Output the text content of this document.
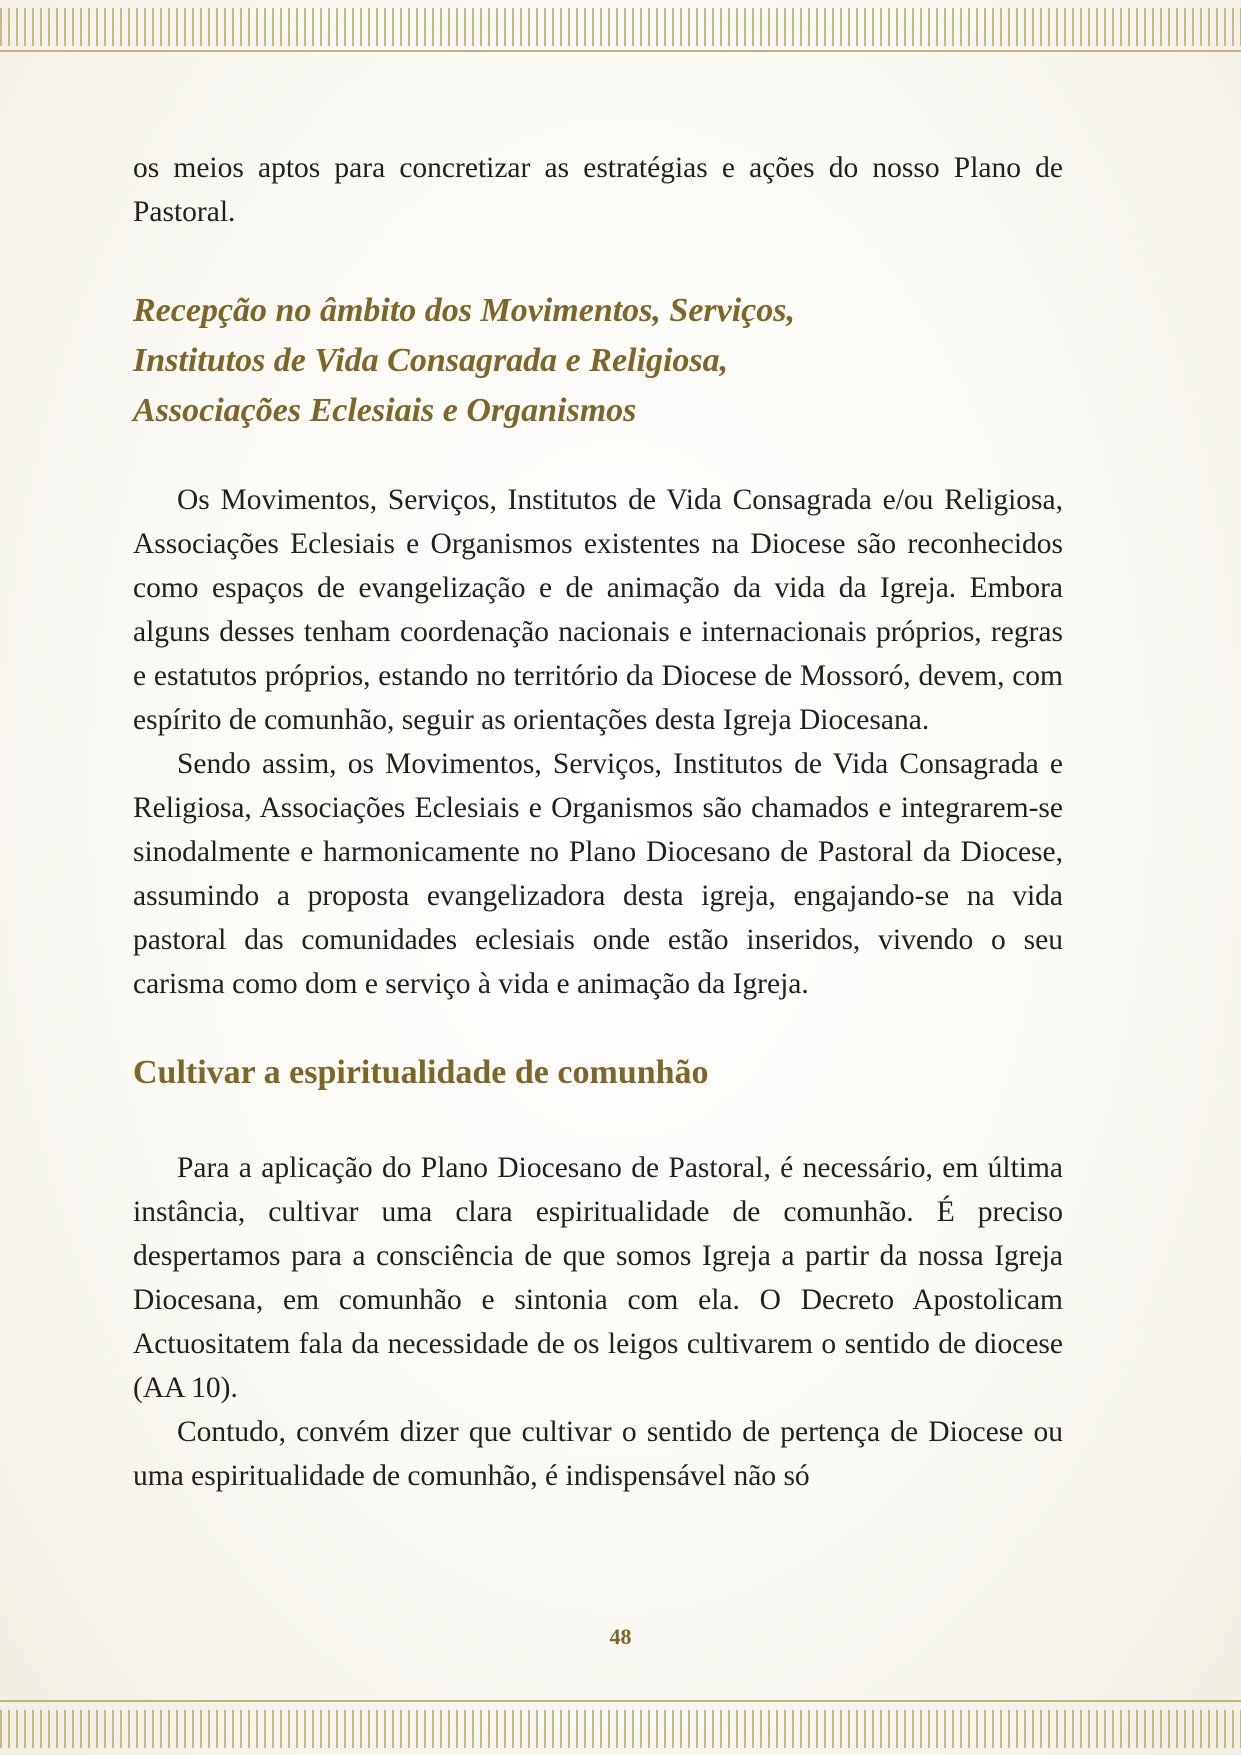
os meios aptos para concretizar as estratégias e ações do nosso Plano de Pastoral.

Recepção no âmbito dos Movimentos, Serviços,

Institutos de Vida Consagrada e Religiosa,

Associações Eclesiais e Organismos

Os Movimentos, Serviços, Institutos de Vida Consagrada e/ou Religiosa, Associações Eclesiais e Organismos existentes na Diocese são reconhecidos como espaços de evangelização e de animação da vida da Igreja. Embora alguns desses tenham coordenação nacionais e internacionais próprios, regras e estatutos próprios, estando no território da Diocese de Mossoró, devem, com espírito de comunhão, seguir as orientações desta Igreja Diocesana.

Sendo assim, os Movimentos, Serviços, Institutos de Vida Consagrada e Religiosa, Associações Eclesiais e Organismos são chamados e integrarem-se sinodalmente e harmonicamente no Plano Diocesano de Pastoral da Diocese, assumindo a proposta evangelizadora desta igreja, engajando-se na vida pastoral das comunidades eclesiais onde estão inseridos, vivendo o seu carisma como dom e serviço à vida e animação da Igreja.

Cultivar a espiritualidade de comunhão

Para a aplicação do Plano Diocesano de Pastoral, é necessário, em última instância, cultivar uma clara espiritualidade de comunhão. É preciso despertamos para a consciência de que somos Igreja a partir da nossa Igreja Diocesana, em comunhão e sintonia com ela. O Decreto Apostolicam Actuositatem fala da necessidade de os leigos cultivarem o sentido de diocese (AA 10).

Contudo, convém dizer que cultivar o sentido de pertença de Diocese ou uma espiritualidade de comunhão, é indispensável não só

48
